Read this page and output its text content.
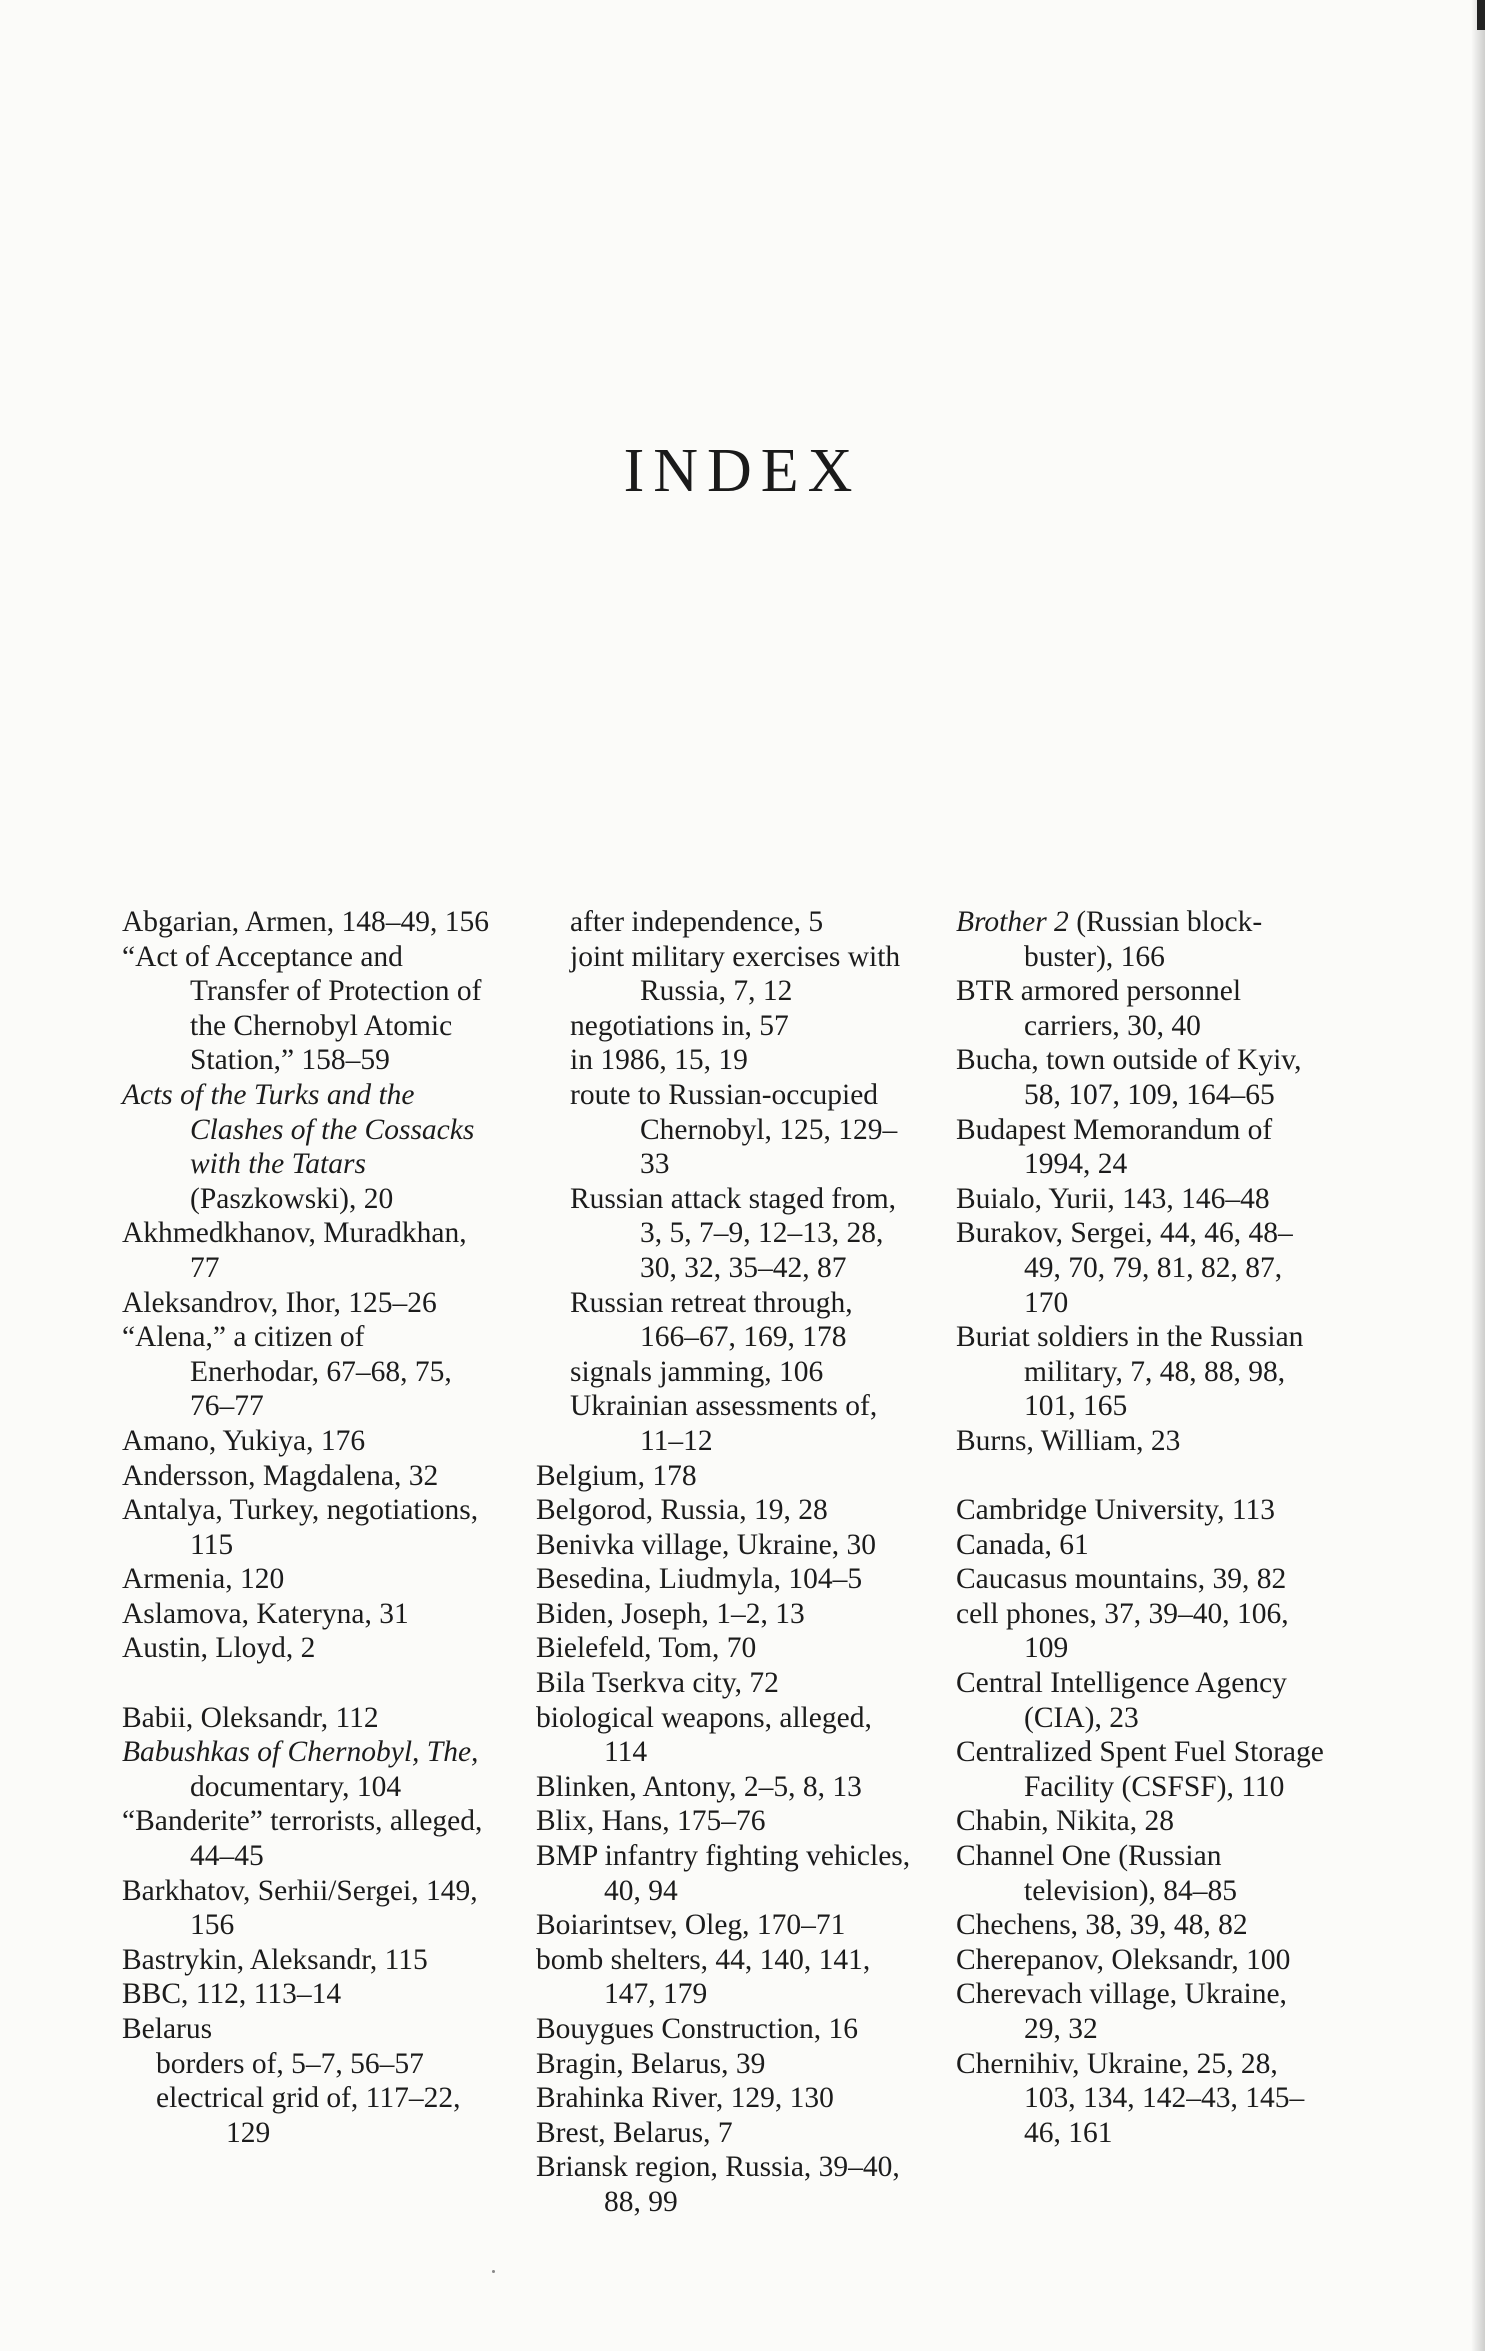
INDEX
Abgarian, Armen, 148–49, 156
“Act of Acceptance and Transfer of Protection of the Chernobyl Atomic Station,” 158–59
Acts of the Turks and the Clashes of the Cossacks with the Tatars (Paszkowski), 20
Akhmedkhanov, Muradkhan, 77
Aleksandrov, Ihor, 125–26
“Alena,” a citizen of Enerhodar, 67–68, 75, 76–77
Amano, Yukiya, 176
Andersson, Magdalena, 32
Antalya, Turkey, negotiations, 115
Armenia, 120
Aslamova, Kateryna, 31
Austin, Lloyd, 2
Babii, Oleksandr, 112
Babushkas of Chernobyl, The, documentary, 104
“Banderite” terrorists, alleged, 44–45
Barkhatov, Serhii/Sergei, 149, 156
Bastrykin, Aleksandr, 115
BBC, 112, 113–14
Belarus
borders of, 5–7, 56–57
electrical grid of, 117–22, 129
after independence, 5
joint military exercises with Russia, 7, 12
negotiations in, 57
in 1986, 15, 19
route to Russian-occupied Chernobyl, 125, 129–33
Russian attack staged from, 3, 5, 7–9, 12–13, 28, 30, 32, 35–42, 87
Russian retreat through, 166–67, 169, 178
signals jamming, 106
Ukrainian assessments of, 11–12
Belgium, 178
Belgorod, Russia, 19, 28
Benivka village, Ukraine, 30
Besedina, Liudmyla, 104–5
Biden, Joseph, 1–2, 13
Bielefeld, Tom, 70
Bila Tserkva city, 72
biological weapons, alleged, 114
Blinken, Antony, 2–5, 8, 13
Blix, Hans, 175–76
BMP infantry fighting vehicles, 40, 94
Boiarintsev, Oleg, 170–71
bomb shelters, 44, 140, 141, 147, 179
Bouygues Construction, 16
Bragin, Belarus, 39
Brahinka River, 129, 130
Brest, Belarus, 7
Briansk region, Russia, 39–40, 88, 99
Brother 2 (Russian block-buster), 166
BTR armored personnel carriers, 30, 40
Bucha, town outside of Kyiv, 58, 107, 109, 164–65
Budapest Memorandum of 1994, 24
Buialo, Yurii, 143, 146–48
Burakov, Sergei, 44, 46, 48–49, 70, 79, 81, 82, 87, 170
Buriat soldiers in the Russian military, 7, 48, 88, 98, 101, 165
Burns, William, 23
Cambridge University, 113
Canada, 61
Caucasus mountains, 39, 82
cell phones, 37, 39–40, 106, 109
Central Intelligence Agency (CIA), 23
Centralized Spent Fuel Storage Facility (CSFSF), 110
Chabin, Nikita, 28
Channel One (Russian television), 84–85
Chechens, 38, 39, 48, 82
Cherepanov, Oleksandr, 100
Cherevach village, Ukraine, 29, 32
Chernihiv, Ukraine, 25, 28, 103, 134, 142–43, 145–46, 161
